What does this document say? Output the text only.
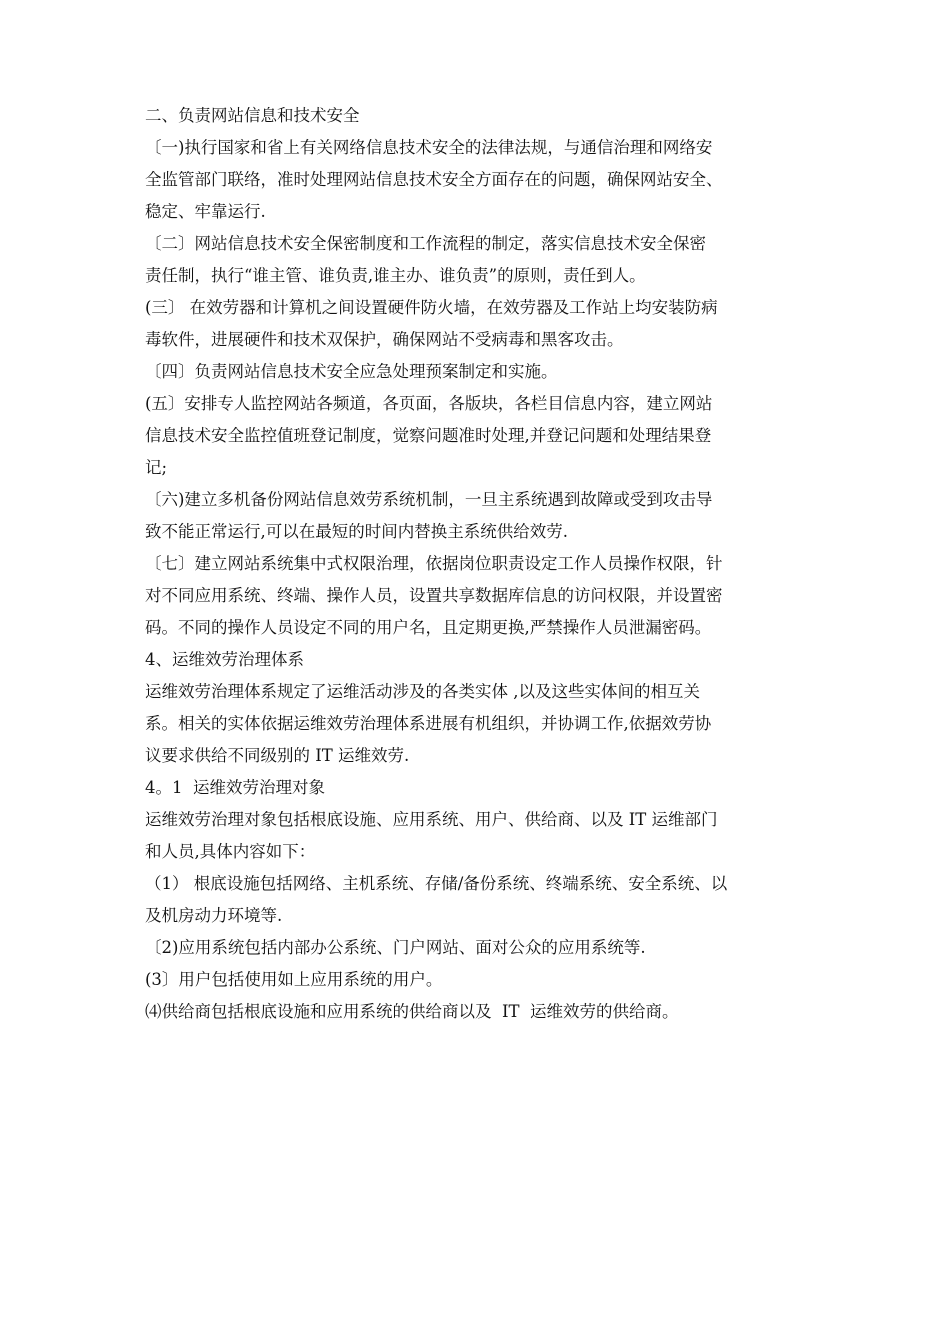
二、负责网站信息和技术安全
〔一)执行国家和省上有关网络信息技术安全的法律法规，与通信治理和网络安
全监管部门联络，准时处理网站信息技术安全方面存在的问题，确保网站安全、
稳定、牢靠运行.
〔二〕网站信息技术安全保密制度和工作流程的制定，落实信息技术安全保密
责任制，执行“谁主管、谁负责,谁主办、谁负责”的原则，责任到人。
(三〕 在效劳器和计算机之间设置硬件防火墙，在效劳器及工作站上均安装防病
毒软件，进展硬件和技术双保护，确保网站不受病毒和黑客攻击。
〔四〕负责网站信息技术安全应急处理预案制定和实施。
(五〕安排专人监控网站各频道，各页面，各版块，各栏目信息内容，建立网站
信息技术安全监控值班登记制度，觉察问题准时处理,并登记问题和处理结果登
记;
〔六)建立多机备份网站信息效劳系统机制，一旦主系统遇到故障或受到攻击导
致不能正常运行,可以在最短的时间内替换主系统供给效劳.
〔七〕建立网站系统集中式权限治理，依据岗位职责设定工作人员操作权限，针
对不同应用系统、终端、操作人员，设置共享数据库信息的访问权限，并设置密
码。不同的操作人员设定不同的用户名，且定期更换,严禁操作人员泄漏密码。
4、运维效劳治理体系
运维效劳治理体系规定了运维活动涉及的各类实体 ,以及这些实体间的相互关
系。相关的实体依据运维效劳治理体系进展有机组织，并协调工作,依据效劳协
议要求供给不同级别的 IT 运维效劳.
4。1  运维效劳治理对象
运维效劳治理对象包括根底设施、应用系统、用户、供给商、以及 IT 运维部门
和人员,具体内容如下：
（1） 根底设施包括网络、主机系统、存储/备份系统、终端系统、安全系统、以
及机房动力环境等.
〔2)应用系统包括内部办公系统、门户网站、面对公众的应用系统等.
(3〕用户包括使用如上应用系统的用户。
⑷供给商包括根底设施和应用系统的供给商以及  IT  运维效劳的供给商。
